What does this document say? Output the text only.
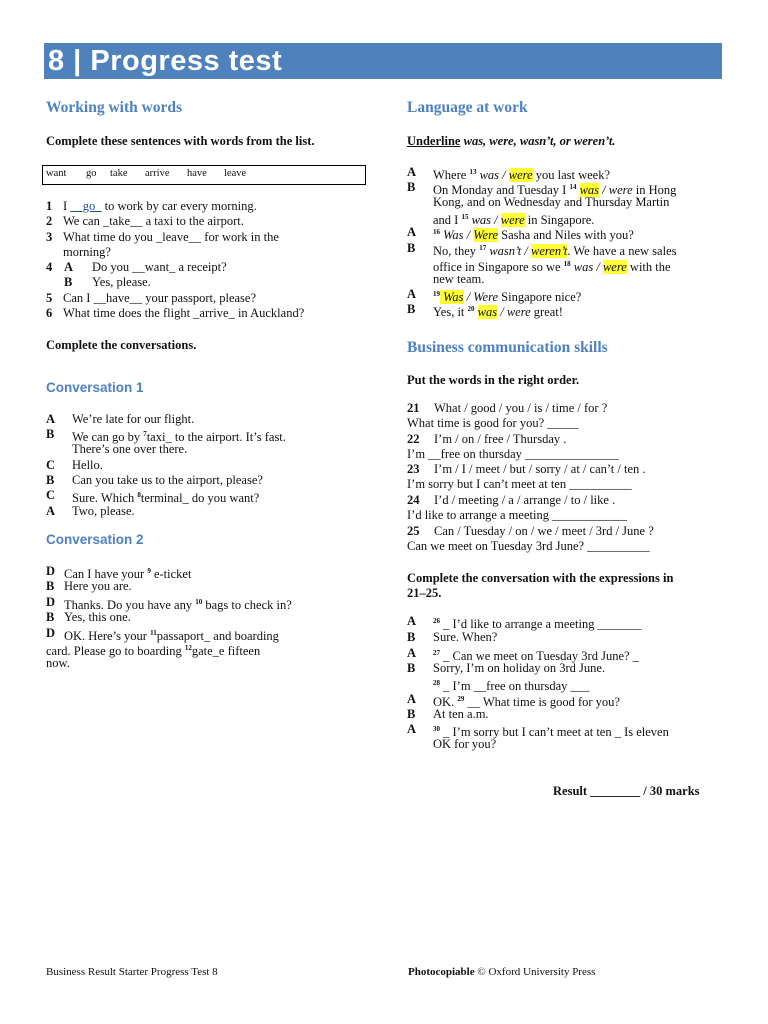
8 | Progress test
Working with words
Complete these sentences with words from the list.
want go take arrive have leave
1 I __go_ to work by car every morning.
2 We can _take__ a taxi to the airport.
3 What time do you _leave__ for work in the
morning?
4 A Do you __want_ a receipt?
B Yes, please.
5 Can I __have__ your passport, please?
6 What time does the flight _arrive_ in Auckland?
Complete the conversations.
Conversation 1
A We’re late for our flight.
B We can go by $^7$taxi_ to the airport. It’s fast.
There’s one over there.
C Hello.
B Can you take us to the airport, please?
C Sure. Which $^8$terminal_ do you want?
A Two, please.
Conversation 2
D Can I have your $^9$ e-ticket
B Here you are.
D Thanks. Do you have any $^{10}$ bags to check in?
B Yes, this one.
D OK. Here’s your $^{11}$passaport_ and boarding
card. Please go to boarding $^{12}$gate_e fifteen
now.
Language at work
Underline was, were, wasn’t, or weren’t.
A Where $^{13}$ was / were you last week?
B On Monday and Tuesday I $^{14}$ was / were in Hong
Kong, and on Wednesday and Thursday Martin
and I $^{15}$ was / were in Singapore.
A $^{16}$ Was / Were Sasha and Niles with you?
B No, they $^{17}$ wasn’t / weren’t. We have a new sales
office in Singapore so we $^{18}$ was / were with the
new team.
A $^{19}$ Was / Were Singapore nice?
B Yes, it $^{20}$ was / were great!
Business communication skills
Put the words in the right order.
21 What / good / you / is / time / for ?
What time is good for you? _____
22 I’m / on / free / Thursday .
I’m __free on thursday _______________
23 I’m / I / meet / but / sorry / at / can’t / ten .
I’m sorry but I can’t meet at ten __________
24 I’d / meeting / a / arrange / to / like .
I’d like to arrange a meeting ____________
25 Can / Tuesday / on / we / meet / 3rd / June ?
Can we meet on Tuesday 3rd June? __________
Complete the conversation with the expressions in
21–25.
A $^{26}$ _ I’d like to arrange a meeting _______
B Sure. When?
A $^{27}$ _ Can we meet on Tuesday 3rd June? _
B Sorry, I’m on holiday on 3rd June.
$^{28}$ _ I’m __free on thursday ___
A OK. $^{29}$ __ What time is good for you?
B At ten a.m.
A $^{30}$ _ I’m sorry but I can’t meet at ten _ Is eleven
OK for you?
Result ________ / 30 marks
Business Result Starter Progress Test 8	Photocopiable © Oxford University Press
